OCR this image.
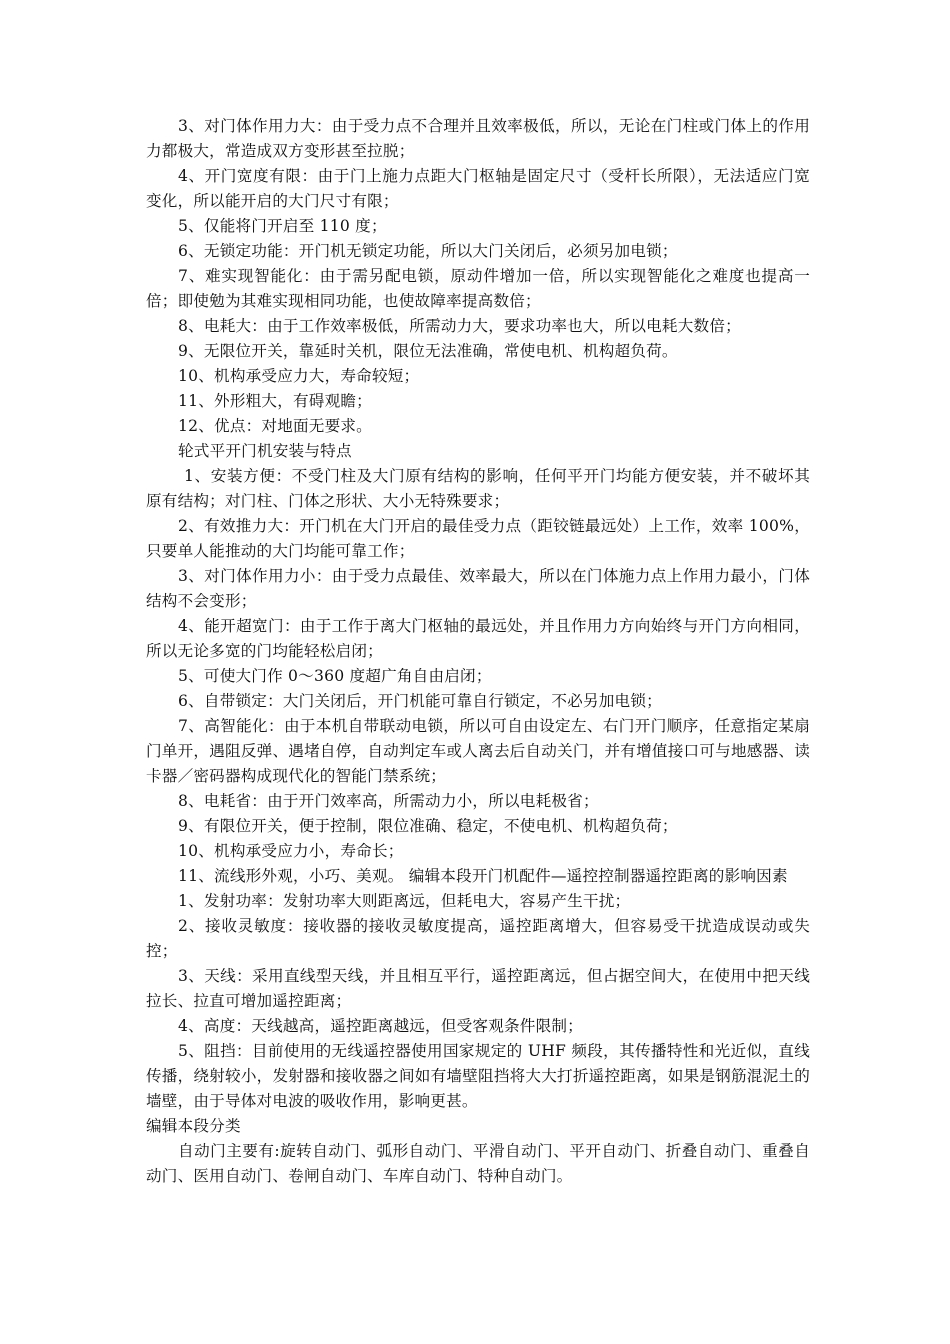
3、对门体作用力大：由于受力点不合理并且效率极低，所以，无论在门柱或门体上的作用力都极大，常造成双方变形甚至拉脱；

4、开门宽度有限：由于门上施力点距大门枢轴是固定尺寸（受杆长所限），无法适应门宽变化，所以能开启的大门尺寸有限；

5、仅能将门开启至 110 度；

6、无锁定功能：开门机无锁定功能，所以大门关闭后，必须另加电锁；

7、难实现智能化：由于需另配电锁，原动件增加一倍，所以实现智能化之难度也提高一倍；即使勉为其难实现相同功能，也使故障率提高数倍；

8、电耗大：由于工作效率极低，所需动力大，要求功率也大，所以电耗大数倍；

9、无限位开关，靠延时关机，限位无法准确，常使电机、机构超负荷。

10、机构承受应力大，寿命较短；

11、外形粗大，有碍观瞻；

12、优点：对地面无要求。

轮式平开门机安装与特点

1、安装方便：不受门柱及大门原有结构的影响，任何平开门均能方便安装，并不破坏其原有结构；对门柱、门体之形状、大小无特殊要求；

2、有效推力大：开门机在大门开启的最佳受力点（距铰链最远处）上工作，效率 100%，只要单人能推动的大门均能可靠工作；

3、对门体作用力小：由于受力点最佳、效率最大，所以在门体施力点上作用力最小，门体结构不会变形；

4、能开超宽门：由于工作于离大门枢轴的最远处，并且作用力方向始终与开门方向相同，所以无论多宽的门均能轻松启闭；

5、可使大门作 0～360 度超广角自由启闭；

6、自带锁定：大门关闭后，开门机能可靠自行锁定，不必另加电锁；

7、高智能化：由于本机自带联动电锁，所以可自由设定左、右门开门顺序，任意指定某扇门单开，遇阻反弹、遇堵自停，自动判定车或人离去后自动关门，并有增值接口可与地感器、读卡器／密码器构成现代化的智能门禁系统；

8、电耗省：由于开门效率高，所需动力小，所以电耗极省；

9、有限位开关，便于控制，限位准确、稳定，不使电机、机构超负荷；

10、机构承受应力小，寿命长；

11、流线形外观，小巧、美观。 编辑本段开门机配件—遥控控制器遥控距离的影响因素

1、发射功率：发射功率大则距离远，但耗电大，容易产生干扰；

2、接收灵敏度：接收器的接收灵敏度提高，遥控距离增大，但容易受干扰造成误动或失控；

3、天线：采用直线型天线，并且相互平行，遥控距离远，但占据空间大，在使用中把天线拉长、拉直可增加遥控距离；

4、高度：天线越高，遥控距离越远，但受客观条件限制；

5、阻挡：目前使用的无线遥控器使用国家规定的 UHF 频段，其传播特性和光近似，直线传播，绕射较小，发射器和接收器之间如有墙壁阻挡将大大打折遥控距离，如果是钢筋混泥土的墙壁，由于导体对电波的吸收作用，影响更甚。

编辑本段分类

自动门主要有:旋转自动门、弧形自动门、平滑自动门、平开自动门、折叠自动门、重叠自动门、医用自动门、卷闸自动门、车库自动门、特种自动门。
